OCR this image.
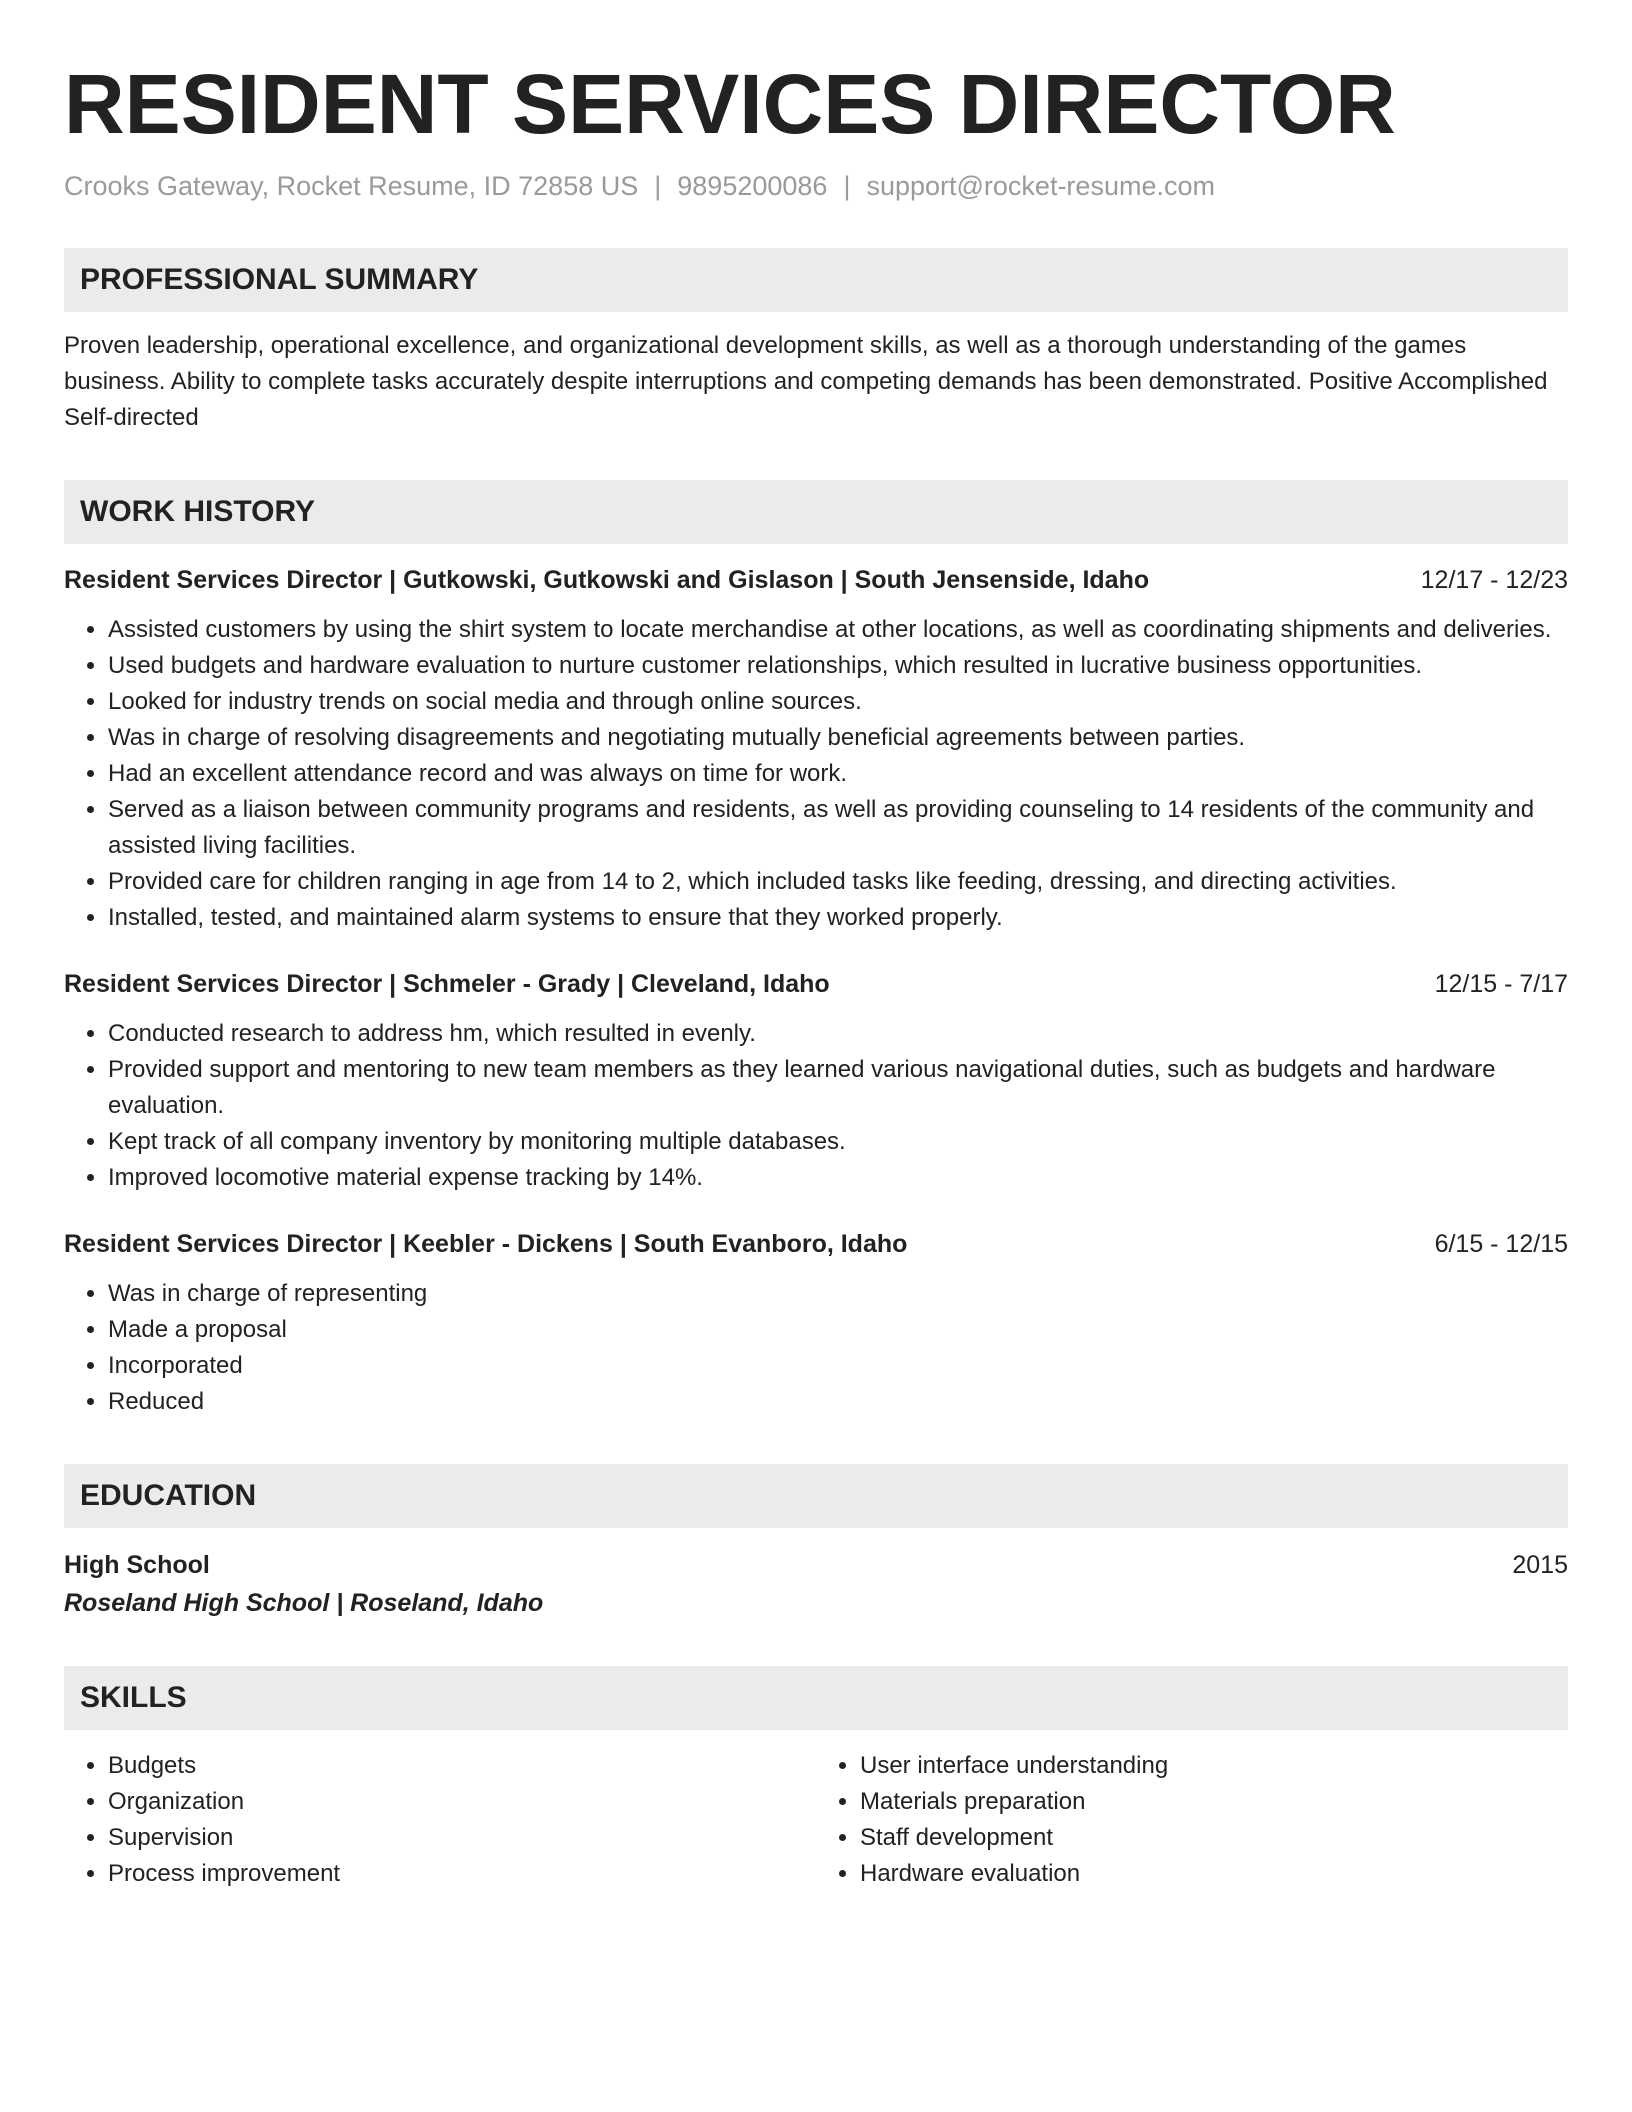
RESIDENT SERVICES DIRECTOR
Crooks Gateway, Rocket Resume, ID 72858 US | 9895200086 | support@rocket-resume.com
PROFESSIONAL SUMMARY
Proven leadership, operational excellence, and organizational development skills, as well as a thorough understanding of the games business. Ability to complete tasks accurately despite interruptions and competing demands has been demonstrated. Positive Accomplished Self-directed
WORK HISTORY
Resident Services Director | Gutkowski, Gutkowski and Gislason | South Jensenside, Idaho	12/17 - 12/23
• Assisted customers by using the shirt system to locate merchandise at other locations, as well as coordinating shipments and deliveries.
• Used budgets and hardware evaluation to nurture customer relationships, which resulted in lucrative business opportunities.
• Looked for industry trends on social media and through online sources.
• Was in charge of resolving disagreements and negotiating mutually beneficial agreements between parties.
• Had an excellent attendance record and was always on time for work.
• Served as a liaison between community programs and residents, as well as providing counseling to 14 residents of the community and assisted living facilities.
• Provided care for children ranging in age from 14 to 2, which included tasks like feeding, dressing, and directing activities.
• Installed, tested, and maintained alarm systems to ensure that they worked properly.
Resident Services Director | Schmeler - Grady | Cleveland, Idaho	12/15 - 7/17
• Conducted research to address hm, which resulted in evenly.
• Provided support and mentoring to new team members as they learned various navigational duties, such as budgets and hardware evaluation.
• Kept track of all company inventory by monitoring multiple databases.
• Improved locomotive material expense tracking by 14%.
Resident Services Director | Keebler - Dickens | South Evanboro, Idaho	6/15 - 12/15
• Was in charge of representing
• Made a proposal
• Incorporated
• Reduced
EDUCATION
High School	2015
Roseland High School | Roseland, Idaho
SKILLS
• Budgets
• Organization
• Supervision
• Process improvement
• User interface understanding
• Materials preparation
• Staff development
• Hardware evaluation
